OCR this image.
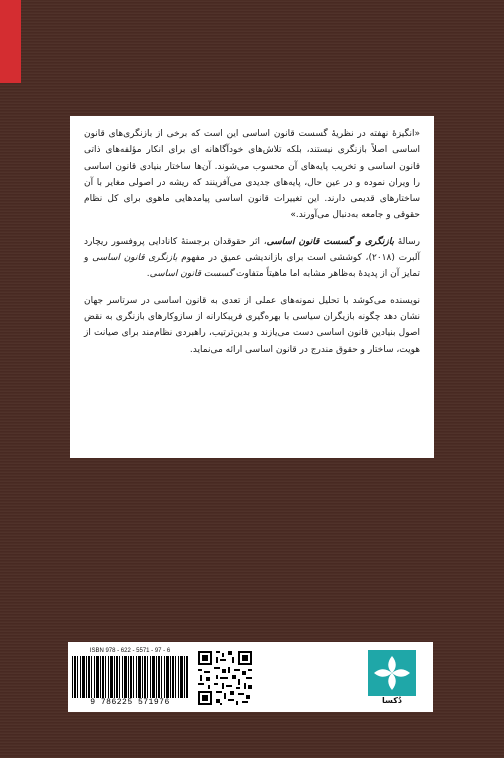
«انگیزهٔ نهفته در نظریهٔ گسست قانون اساسی این است که برخی از بازنگری‌های قانون اساسی اصلاً بازنگری نیستند، بلکه تلاش‌های خودآگاهانه ای برای انکار مؤلفه‌های ذاتی قانون اساسی و تخریب پایه‌های آن محسوب می‌شوند. آن‌ها ساختار بنیادی قانون اساسی را ویران نموده و در عین حال، پایه‌های جدیدی می‌آفرینند که ریشه در اصولی مغایر با آن ساختارهای قدیمی دارند. این تغییرات قانون اساسی پیامدهایی ماهوی برای کل نظام حقوقی و جامعه به‌دنبال می‌آورند.»

رسالهٔ بازنگری و گسست قانون اساسی، اثر حقوقدان برجستهٔ کانادایی پروفسور ریچارد آلبرت (۲۰۱۸)، کوششی است برای بازاندیشی عمیق در مفهوم بازنگری قانون اساسی و تمایز آن از پدیدهٔ به‌ظاهر مشابه اما ماهیتاً متفاوت گسست قانون اساسی.

نویسنده می‌کوشد با تحلیل نمونه‌های عملی از تعدی به قانون اساسی در سرتاسر جهان نشان دهد چگونه بازیگران سیاسی با بهره‌گیری فریبکارانه از سازوکارهای بازنگری به نقض اصول بنیادین قانون اساسی دست می‌یازند و بدین‌ترتیب، راهبردی نظام‌مند برای صیانت از هویت، ساختار و حقوق مندرج در قانون اساسی ارائه می‌نماید.

ISBN 978 - 622 - 5571 - 97 - 6
9 786225 571976	دُکسا
